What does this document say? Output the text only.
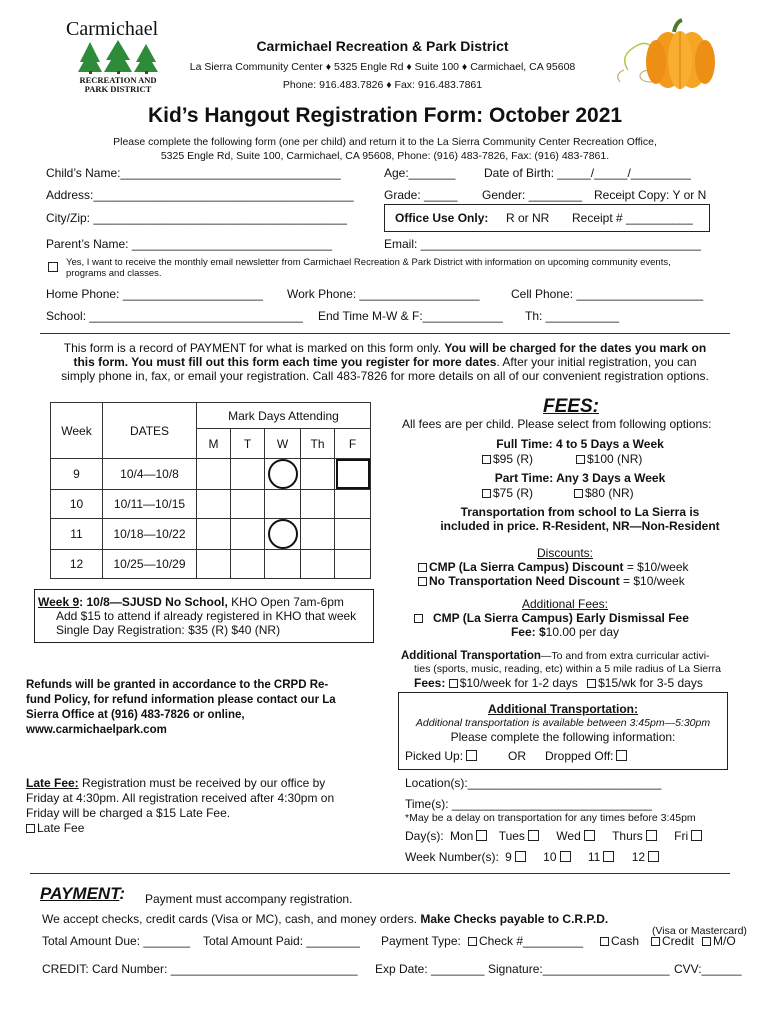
Carmichael
RECREATION AND
PARK DISTRICT
Carmichael Recreation & Park District
La Sierra Community Center ♦ 5325 Engle Rd ♦ Suite 100 ♦ Carmichael, CA 95608
Phone: 916.483.7826 ♦ Fax: 916.483.7861
Kid’s Hangout Registration Form: October 2021
Please complete the following form (one per child) and return it to the La Sierra Community Center Recreation Office,
5325 Engle Rd, Suite 100, Carmichael, CA 95608, Phone: (916) 483-7826, Fax: (916) 483-7861.
Child’s Name:_________________________________	Age:_______ Date of Birth: _____/_____/_________
Address:_______________________________________	Grade: _____ Gender: ________ Receipt Copy: Y or N
City/Zip: ______________________________________	Office Use Only: R or NR Receipt # __________
Parent’s Name: ______________________________	Email: __________________________________________
Yes, I want to receive the monthly email newsletter from Carmichael Recreation & Park District with information on upcoming community events,
programs and classes.
Home Phone: _____________________ Work Phone: __________________	Cell Phone: ___________________
School: ________________________________ End Time M-W & F:____________ Th: ___________
This form is a record of PAYMENT for what is marked on this form only. You will be charged for the dates you mark on
this form. You must fill out this form each time you register for more dates. After your initial registration, you can
simply phone in, fax, or email your registration. Call 483-7826 for more details on all of our convenient registration options.
Week	DATES	Mark Days Attending				
		M	T	W	Th	F
9	10/4—10/8			

10	10/11—10/15					
11	10/18—10/22			

12	10/25—10/29					
Week 9: 10/8—SJUSD No School, KHO Open 7am-6pm
Add $15 to attend if already registered in KHO that week
Single Day Registration: $35 (R) $40 (NR)
Refunds will be granted in accordance to the CRPD Re-
fund Policy, for refund information please contact our La
Sierra Office at (916) 483-7826 or online,
www.carmichaelpark.com
Late Fee: Registration must be received by our office by
Friday at 4:30pm. All registration received after 4:30pm on
Friday will be charged a $15 Late Fee.
Late Fee
FEES:
All fees are per child. Please select from following options:
Full Time: 4 to 5 Days a Week
$95 (R)	$100 (NR)
Part Time: Any 3 Days a Week
$75 (R)	$80 (NR)
Transportation from school to La Sierra is
included in price. R-Resident, NR—Non-Resident
Discounts:
CMP (La Sierra Campus) Discount = $10/week
No Transportation Need Discount = $10/week
Additional Fees:
CMP (La Sierra Campus) Early Dismissal Fee
Fee: $10.00 per day
Additional Transportation—To and from extra curricular activi-
ties (sports, music, reading, etc) within a 5 mile radius of La Sierra
Fees: $10/week for 1-2 days $15/wk for 3-5 days
Additional Transportation:
Additional transportation is available between 3:45pm—5:30pm
Please complete the following information:
Picked Up:	OR Dropped Off:
Location(s):_____________________________
Time(s): ______________________________
*May be a delay on transportation for any times before 3:45pm
Day(s): Mon Tues	Wed	Thurs	Fri
Week Number(s): 9	10	11	12
PAYMENT: Payment must accompany registration.
We accept checks, credit cards (Visa or MC), cash, and money orders. Make Checks payable to C.R.P.D.
(Visa or Mastercard)
Total Amount Due: _______ Total Amount Paid: ________ Payment Type:	Check #_________	Cash	Credit	M/O
CREDIT: Card Number: ____________________________ Exp Date: ________ Signature:___________________ CVV:______
